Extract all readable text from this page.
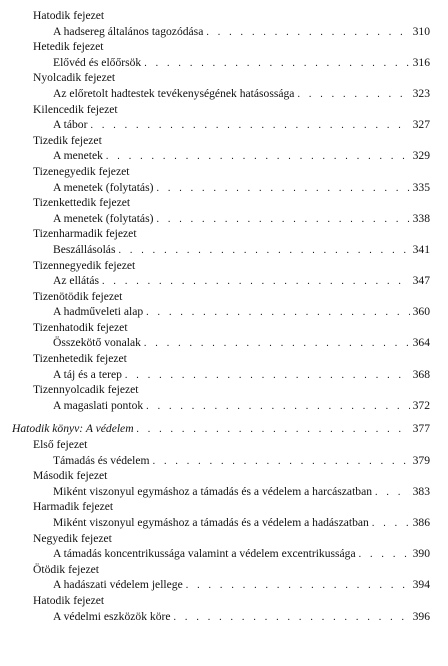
Hatodik fejezet
A hadsereg általános tagozódása . . .	310
Hetedik fejezet
Elővéd és előőrsök . . .	316
Nyolcadik fejezet
Az előretolt hadtestek tevékenységének hatásossága . . .	323
Kilencedik fejezet
A tábor . . .	327
Tizedik fejezet
A menetek . . .	329
Tizenegyedik fejezet
A menetek (folytatás) . . .	335
Tizenkettedik fejezet
A menetek (folytatás) . . .	338
Tizenharmadik fejezet
Beszállásolás . . .	341
Tizennegyedik fejezet
Az ellátás . . .	347
Tizenötödik fejezet
A hadműveleti alap . . .	360
Tizenhatodik fejezet
Összekötő vonalak . . .	364
Tizenhetedik fejezet
A táj és a terep . . .	368
Tizennyolcadik fejezet
A magaslati pontok . . .	372
Hatodik könyv: A védelem . . .	377
Első fejezet
Támadás és védelem . . .	379
Második fejezet
Miként viszonyul egymáshoz a támadás és a védelem a harcászatban . . .	383
Harmadik fejezet
Miként viszonyul egymáshoz a támadás és a védelem a hadászatban . . .	386
Negyedik fejezet
A támadás koncentrikussága valamint a védelem excentrikussága . . .	390
Ötödik fejezet
A hadászati védelem jellege . . .	394
Hatodik fejezet
A védelmi eszközök köre . . .	396
